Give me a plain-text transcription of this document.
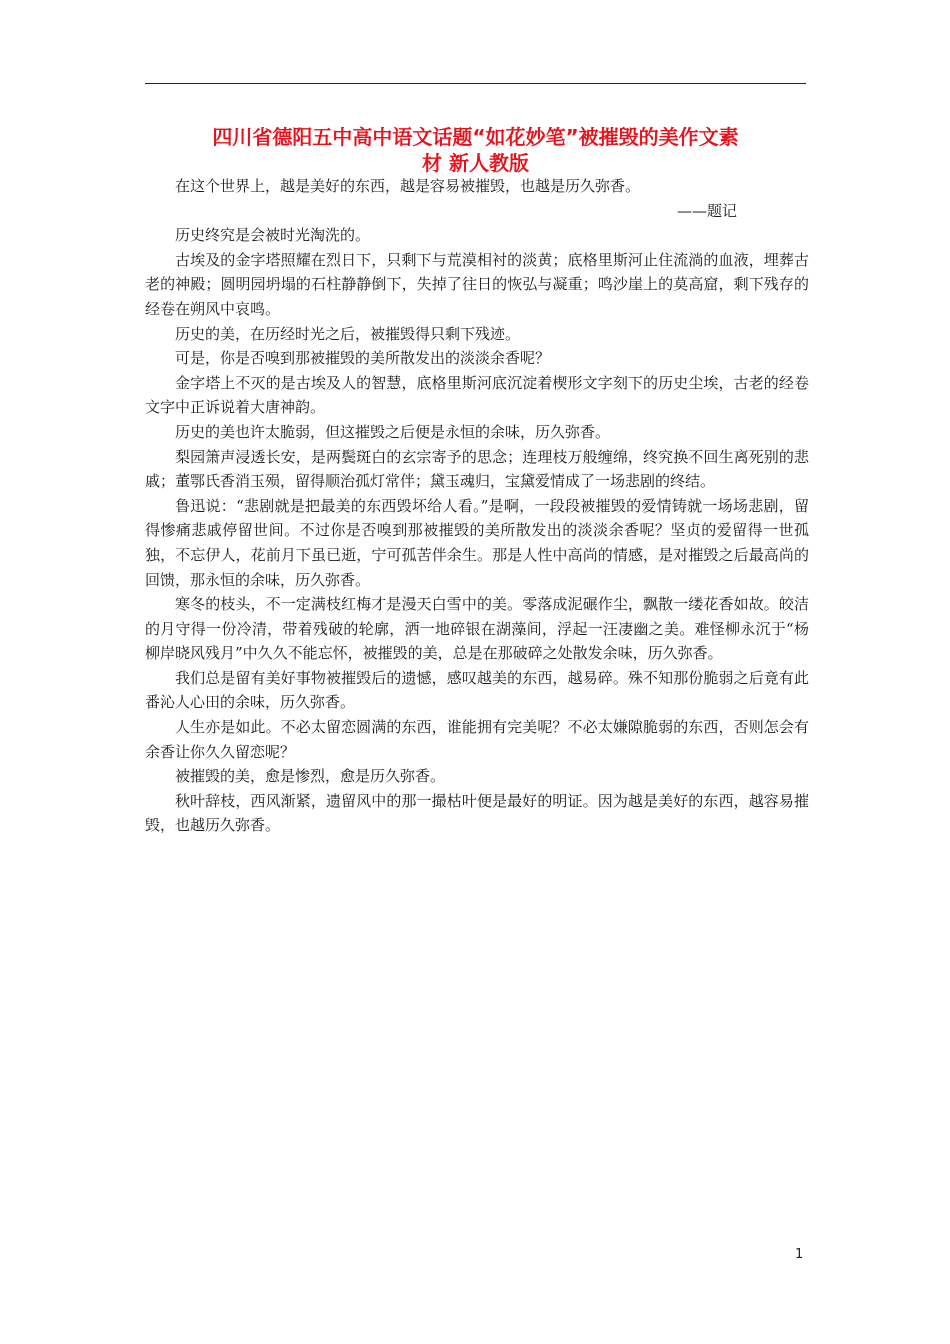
四川省德阳五中高中语文话题“如花妙笔”被摧毁的美作文素
材 新人教版

在这个世界上，越是美好的东西，越是容易被摧毁，也越是历久弥香。

——题记

历史终究是会被时光淘洗的。

古埃及的金字塔照耀在烈日下，只剩下与荒漠相衬的淡黄；底格里斯河止住流淌的血液，埋葬古老的神殿；圆明园坍塌的石柱静静倒下，失掉了往日的恢弘与凝重；鸣沙崖上的莫高窟，剩下残存的经卷在朔风中哀鸣。

历史的美，在历经时光之后，被摧毁得只剩下残迹。

可是，你是否嗅到那被摧毁的美所散发出的淡淡余香呢？

金字塔上不灭的是古埃及人的智慧，底格里斯河底沉淀着楔形文字刻下的历史尘埃，古老的经卷文字中正诉说着大唐神韵。

历史的美也许太脆弱，但这摧毁之后便是永恒的余味，历久弥香。

梨园箫声浸透长安，是两鬓斑白的玄宗寄予的思念；连理枝万般缠绵，终究换不回生离死别的悲戚；董鄂氏香消玉殒，留得顺治孤灯常伴；黛玉魂归，宝黛爱情成了一场悲剧的终结。

鲁迅说：“悲剧就是把最美的东西毁坏给人看。”是啊，一段段被摧毁的爱情铸就一场场悲剧，留得惨痛悲戚停留世间。不过你是否嗅到那被摧毁的美所散发出的淡淡余香呢？坚贞的爱留得一世孤独，不忘伊人，花前月下虽已逝，宁可孤苦伴余生。那是人性中高尚的情感，是对摧毁之后最高尚的回馈，那永恒的余味，历久弥香。

寒冬的枝头，不一定满枝红梅才是漫天白雪中的美。零落成泥碾作尘，飘散一缕花香如故。皎洁的月守得一份冷清，带着残破的轮廓，洒一地碎银在湖藻间，浮起一汪凄幽之美。难怪柳永沉于“杨柳岸晓风残月”中久久不能忘怀，被摧毁的美，总是在那破碎之处散发余味，历久弥香。

我们总是留有美好事物被摧毁后的遗憾，感叹越美的东西，越易碎。殊不知那份脆弱之后竟有此番沁人心田的余味，历久弥香。

人生亦是如此。不必太留恋圆满的东西，谁能拥有完美呢？不必太嫌隙脆弱的东西，否则怎会有余香让你久久留恋呢？

被摧毁的美，愈是惨烈，愈是历久弥香。

秋叶辞枝，西风渐紧，遗留风中的那一撮枯叶便是最好的明证。因为越是美好的东西，越容易摧毁，也越历久弥香。

1
